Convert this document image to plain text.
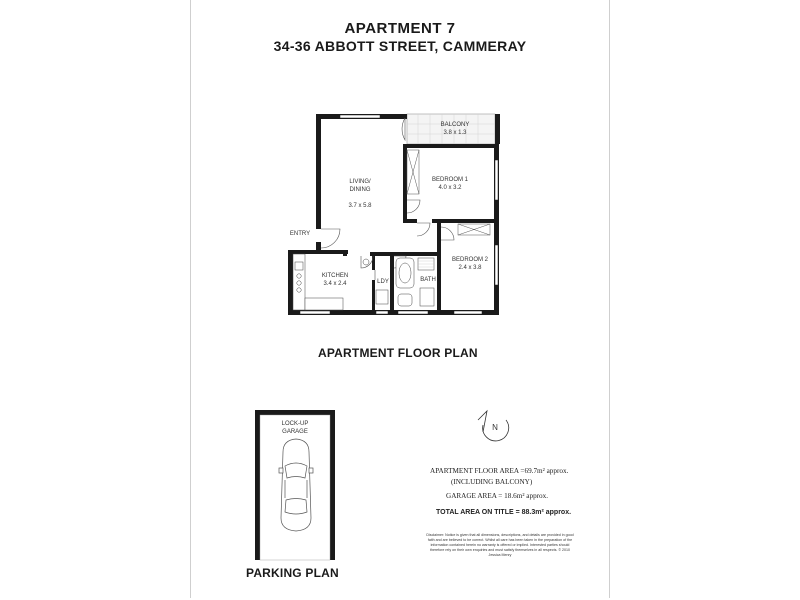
APARTMENT 7
34-36 ABBOTT STREET, CAMMERAY
BALCONY
3.8 x 1.3

LIVING/
DINING

3.7 x 5.8

BEDROOM 1
4.0 x 3.2
BEDROOM 2
2.4 x 3.8
KITCHEN
3.4 x 2.4
ENTRY
LDY	BATH
APARTMENT FLOOR PLAN
LOCK-UP
GARAGE	N
APARTMENT FLOOR AREA =69.7m² approx.
(INCLUDING BALCONY)
GARAGE AREA = 18.6m² approx.
TOTAL AREA ON TITLE = 88.3m² approx.
Disclaimer: Notice is given that all dimensions, descriptions, and details are provided in good faith and are believed to be correct. Whilst all care has been taken in the preparation of the information contained herein no warranty is offered or implied. Interested parties should therefore rely on their own enquiries and must satisfy themselves in all respects. © 2010 Jessica Menry
PARKING PLAN
